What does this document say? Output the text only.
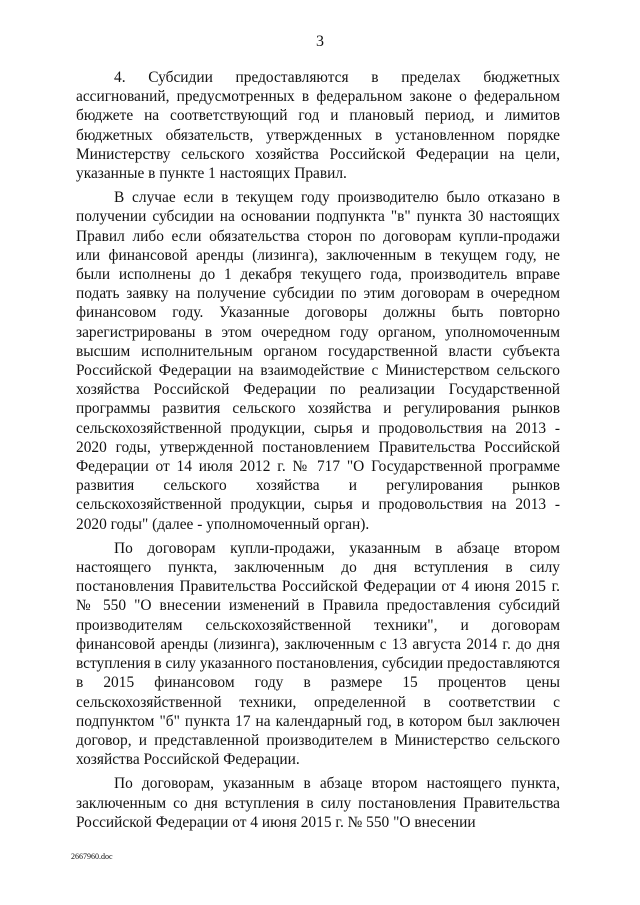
3

4. Субсидии предоставляются в пределах бюджетных ассигнований, предусмотренных в федеральном законе о федеральном бюджете на соответствующий год и плановый период, и лимитов бюджетных обязательств, утвержденных в установленном порядке Министерству сельского хозяйства Российской Федерации на цели, указанные в пункте 1 настоящих Правил.

В случае если в текущем году производителю было отказано в получении субсидии на основании подпункта "в" пункта 30 настоящих Правил либо если обязательства сторон по договорам купли-продажи или финансовой аренды (лизинга), заключенным в текущем году, не были исполнены до 1 декабря текущего года, производитель вправе подать заявку на получение субсидии по этим договорам в очередном финансовом году. Указанные договоры должны быть повторно зарегистрированы в этом очередном году органом, уполномоченным высшим исполнительным органом государственной власти субъекта Российской Федерации на взаимодействие с Министерством сельского хозяйства Российской Федерации по реализации Государственной программы развития сельского хозяйства и регулирования рынков сельскохозяйственной продукции, сырья и продовольствия на 2013 - 2020 годы, утвержденной постановлением Правительства Российской Федерации от 14 июля 2012 г. № 717 "О Государственной программе развития сельского хозяйства и регулирования рынков сельскохозяйственной продукции, сырья и продовольствия на 2013 - 2020 годы" (далее - уполномоченный орган).

По договорам купли-продажи, указанным в абзаце втором настоящего пункта, заключенным до дня вступления в силу постановления Правительства Российской Федерации от 4 июня 2015 г. № 550 "О внесении изменений в Правила предоставления субсидий производителям сельскохозяйственной техники", и договорам финансовой аренды (лизинга), заключенным с 13 августа 2014 г. до дня вступления в силу указанного постановления, субсидии предоставляются в 2015 финансовом году в размере 15 процентов цены сельскохозяйственной техники, определенной в соответствии с подпунктом "б" пункта 17 на календарный год, в котором был заключен договор, и представленной производителем в Министерство сельского хозяйства Российской Федерации.

По договорам, указанным в абзаце втором настоящего пункта, заключенным со дня вступления в силу постановления Правительства Российской Федерации от 4 июня 2015 г. № 550 "О внесении

2667960.doc
